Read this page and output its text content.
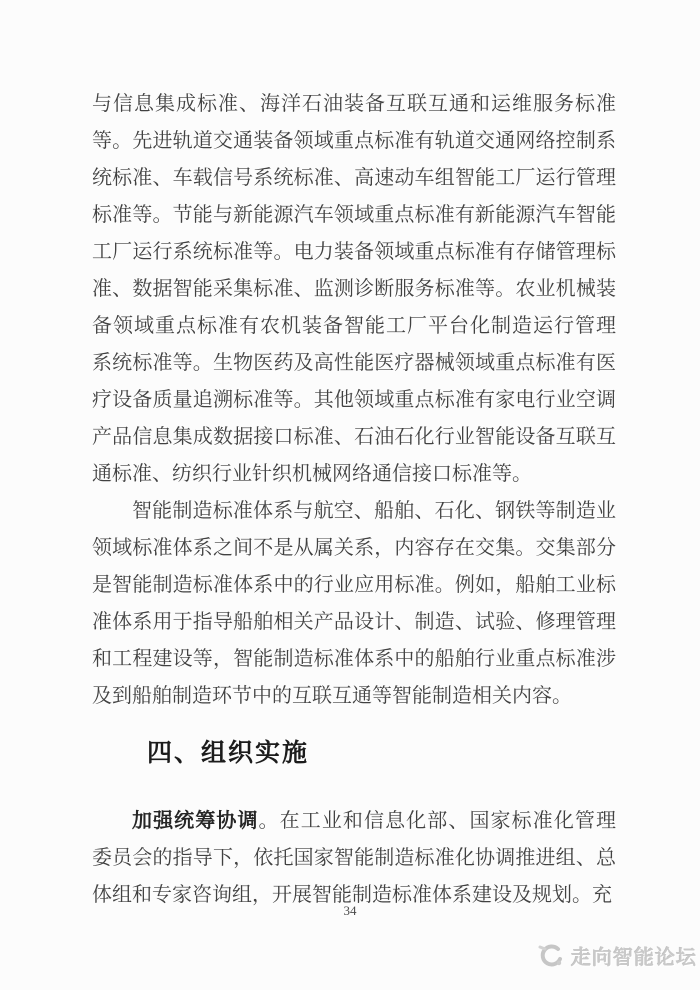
与信息集成标准、海洋石油装备互联互通和运维服务标准
等。先进轨道交通装备领域重点标准有轨道交通网络控制系
统标准、车载信号系统标准、高速动车组智能工厂运行管理
标准等。节能与新能源汽车领域重点标准有新能源汽车智能
工厂运行系统标准等。电力装备领域重点标准有存储管理标
准、数据智能采集标准、监测诊断服务标准等。农业机械装
备领域重点标准有农机装备智能工厂平台化制造运行管理
系统标准等。生物医药及高性能医疗器械领域重点标准有医
疗设备质量追溯标准等。其他领域重点标准有家电行业空调
产品信息集成数据接口标准、石油石化行业智能设备互联互
通标准、纺织行业针织机械网络通信接口标准等。
智能制造标准体系与航空、船舶、石化、钢铁等制造业
领域标准体系之间不是从属关系，内容存在交集。交集部分
是智能制造标准体系中的行业应用标准。例如，船舶工业标
准体系用于指导船舶相关产品设计、制造、试验、修理管理
和工程建设等，智能制造标准体系中的船舶行业重点标准涉
及到船舶制造环节中的互联互通等智能制造相关内容。
四、组织实施
加强统筹协调。在工业和信息化部、国家标准化管理
委员会的指导下，依托国家智能制造标准化协调推进组、总
体组和专家咨询组，开展智能制造标准体系建设及规划。充
34
走向智能论坛
